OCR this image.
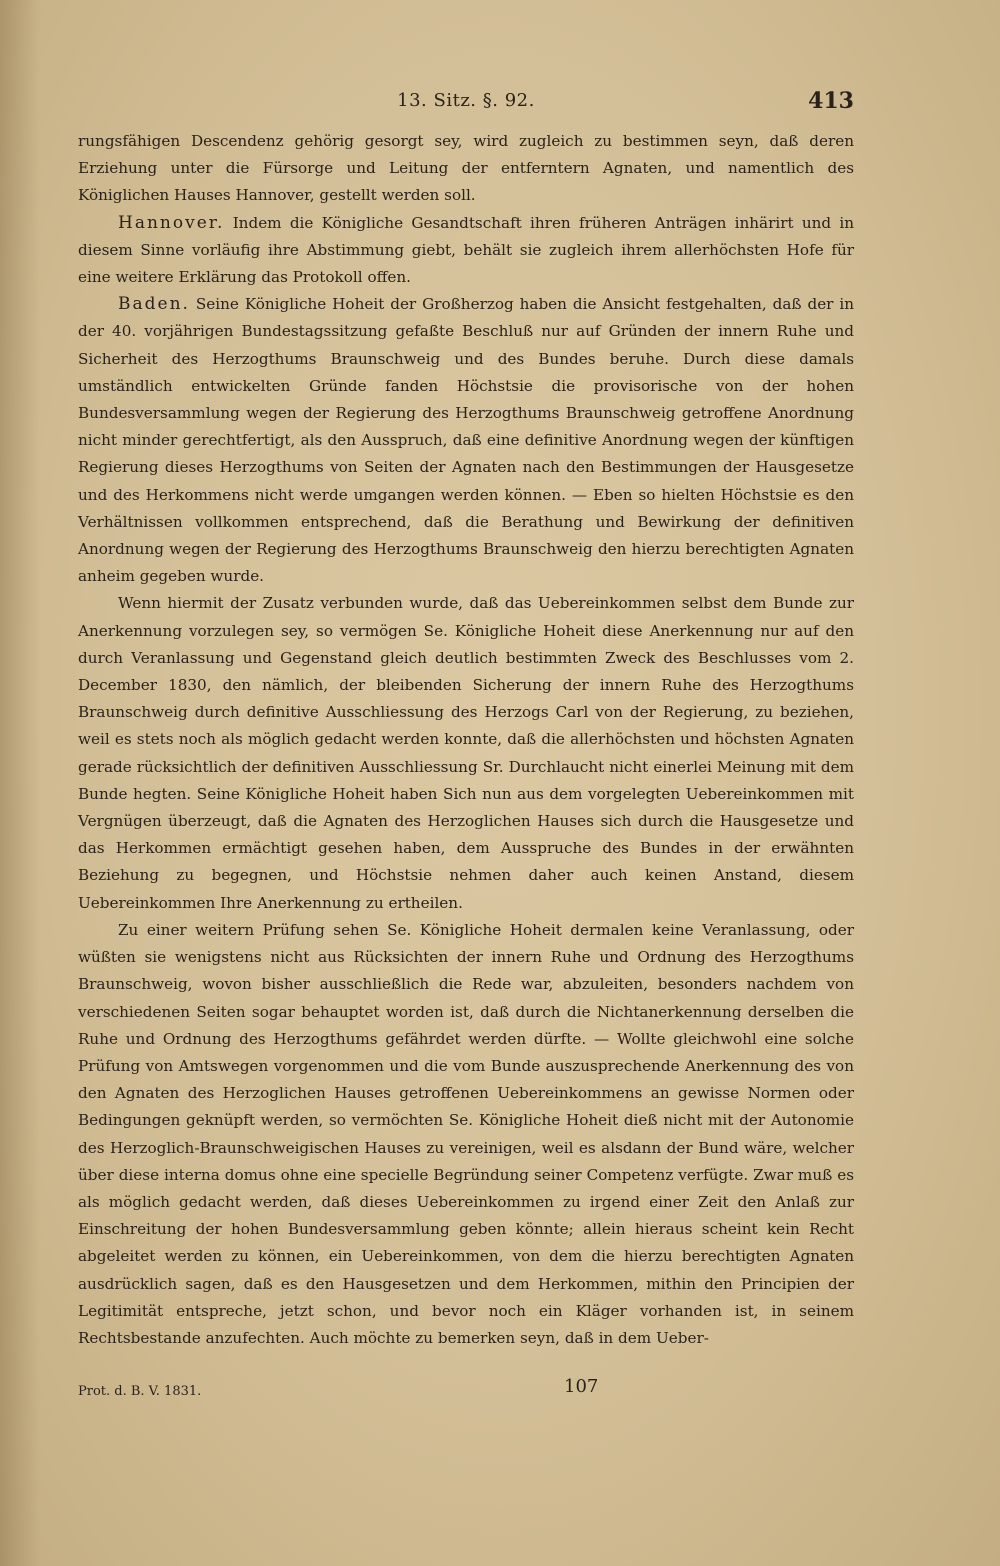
13. Sitz. §. 92.	413

rungsfähigen Descendenz gehörig gesorgt sey, wird zugleich zu bestimmen seyn, daß deren Erziehung unter die Fürsorge und Leitung der entferntern Agnaten, und namentlich des Königlichen Hauses Hannover, gestellt werden soll.

Hannover. Indem die Königliche Gesandtschaft ihren früheren Anträgen inhärirt und in diesem Sinne vorläufig ihre Abstimmung giebt, behält sie zugleich ihrem allerhöchsten Hofe für eine weitere Erklärung das Protokoll offen.

Baden. Seine Königliche Hoheit der Großherzog haben die Ansicht festgehalten, daß der in der 40. vorjährigen Bundestagssitzung gefaßte Beschluß nur auf Gründen der innern Ruhe und Sicherheit des Herzogthums Braunschweig und des Bundes beruhe. Durch diese damals umständlich entwickelten Gründe fanden Höchstsie die provisorische von der hohen Bundesversammlung wegen der Regierung des Herzogthums Braunschweig getroffene Anordnung nicht minder gerechtfertigt, als den Ausspruch, daß eine definitive Anordnung wegen der künftigen Regierung dieses Herzogthums von Seiten der Agnaten nach den Bestimmungen der Hausgesetze und des Herkommens nicht werde umgangen werden können. — Eben so hielten Höchstsie es den Verhältnissen vollkommen entsprechend, daß die Berathung und Bewirkung der definitiven Anordnung wegen der Regierung des Herzogthums Braunschweig den hierzu berechtigten Agnaten anheim gegeben wurde.

Wenn hiermit der Zusatz verbunden wurde, daß das Uebereinkommen selbst dem Bunde zur Anerkennung vorzulegen sey, so vermögen Se. Königliche Hoheit diese Anerkennung nur auf den durch Veranlassung und Gegenstand gleich deutlich bestimmten Zweck des Beschlusses vom 2. December 1830, den nämlich, der bleibenden Sicherung der innern Ruhe des Herzogthums Braunschweig durch definitive Ausschliessung des Herzogs Carl von der Regierung, zu beziehen, weil es stets noch als möglich gedacht werden konnte, daß die allerhöchsten und höchsten Agnaten gerade rücksichtlich der definitiven Ausschliessung Sr. Durchlaucht nicht einerlei Meinung mit dem Bunde hegten. Seine Königliche Hoheit haben Sich nun aus dem vorgelegten Uebereinkommen mit Vergnügen überzeugt, daß die Agnaten des Herzoglichen Hauses sich durch die Hausgesetze und das Herkommen ermächtigt gesehen haben, dem Ausspruche des Bundes in der erwähnten Beziehung zu begegnen, und Höchstsie nehmen daher auch keinen Anstand, diesem Uebereinkommen Ihre Anerkennung zu ertheilen.

Zu einer weitern Prüfung sehen Se. Königliche Hoheit dermalen keine Veranlassung, oder wüßten sie wenigstens nicht aus Rücksichten der innern Ruhe und Ordnung des Herzogthums Braunschweig, wovon bisher ausschließlich die Rede war, abzuleiten, besonders nachdem von verschiedenen Seiten sogar behauptet worden ist, daß durch die Nichtanerkennung derselben die Ruhe und Ordnung des Herzogthums gefährdet werden dürfte. — Wollte gleichwohl eine solche Prüfung von Amtswegen vorgenommen und die vom Bunde auszusprechende Anerkennung des von den Agnaten des Herzoglichen Hauses getroffenen Uebereinkommens an gewisse Normen oder Bedingungen geknüpft werden, so vermöchten Se. Königliche Hoheit dieß nicht mit der Autonomie des Herzoglich-Braunschweigischen Hauses zu vereinigen, weil es alsdann der Bund wäre, welcher über diese interna domus ohne eine specielle Begründung seiner Competenz verfügte. Zwar muß es als möglich gedacht werden, daß dieses Uebereinkommen zu irgend einer Zeit den Anlaß zur Einschreitung der hohen Bundesversammlung geben könnte; allein hieraus scheint kein Recht abgeleitet werden zu können, ein Uebereinkommen, von dem die hierzu berechtigten Agnaten ausdrücklich sagen, daß es den Hausgesetzen und dem Herkommen, mithin den Principien der Legitimität entspreche, jetzt schon, und bevor noch ein Kläger vorhanden ist, in seinem Rechtsbestande anzufechten. Auch möchte zu bemerken seyn, daß in dem Ueber-

Prot. d. B. V. 1831.	107
